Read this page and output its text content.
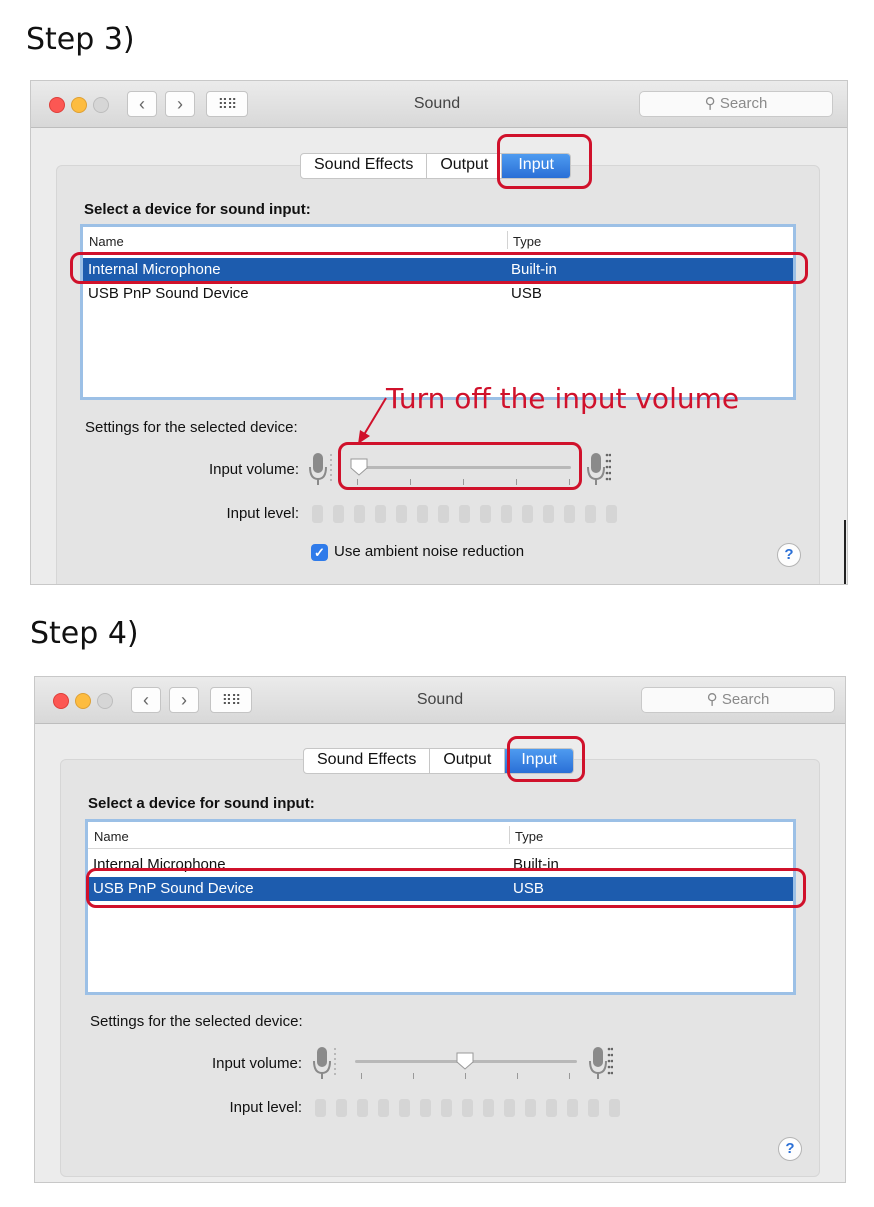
Step 3)
‹	›	⠿⠿	Sound	⚲ Search
Sound Effects	Output	Input
Select a device for sound input:
Name	Type
Internal Microphone	Built-in
USB PnP Sound Device	USB
Settings for the selected device:
Input volume:
Input level:
✓ Use ambient noise reduction	?
Turn off the input volume
Step 4)
‹	›	⠿⠿	Sound	⚲ Search
Sound Effects	Output	Input
Select a device for sound input:
Name	Type
Internal Microphone	Built-in
USB PnP Sound Device	USB
Settings for the selected device:
Input volume:
Input level:
?
